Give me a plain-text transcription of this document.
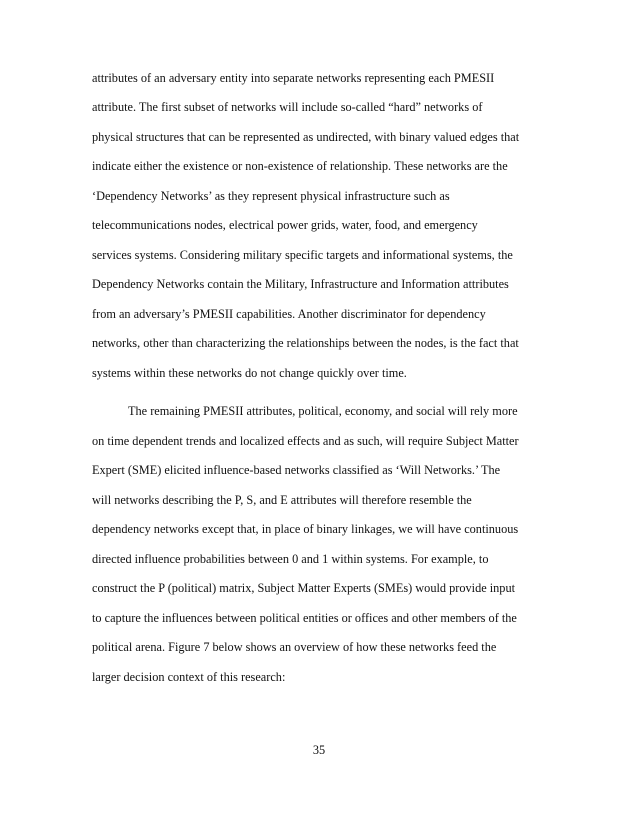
attributes of an adversary entity into separate networks representing each PMESII
attribute. The first subset of networks will include so-called “hard” networks of
physical structures that can be represented as undirected, with binary valued edges that
indicate either the existence or non-existence of relationship. These networks are the
‘Dependency Networks’ as they represent physical infrastructure such as
telecommunications nodes, electrical power grids, water, food, and emergency
services systems. Considering military specific targets and informational systems, the
Dependency Networks contain the Military, Infrastructure and Information attributes
from an adversary’s PMESII capabilities. Another discriminator for dependency
networks, other than characterizing the relationships between the nodes, is the fact that
systems within these networks do not change quickly over time.
The remaining PMESII attributes, political, economy, and social will rely more
on time dependent trends and localized effects and as such, will require Subject Matter
Expert (SME) elicited influence-based networks classified as ‘Will Networks.’ The
will networks describing the P, S, and E attributes will therefore resemble the
dependency networks except that, in place of binary linkages, we will have continuous
directed influence probabilities between 0 and 1 within systems. For example, to
construct the P (political) matrix, Subject Matter Experts (SMEs) would provide input
to capture the influences between political entities or offices and other members of the
political arena. Figure 7 below shows an overview of how these networks feed the
larger decision context of this research:
35
